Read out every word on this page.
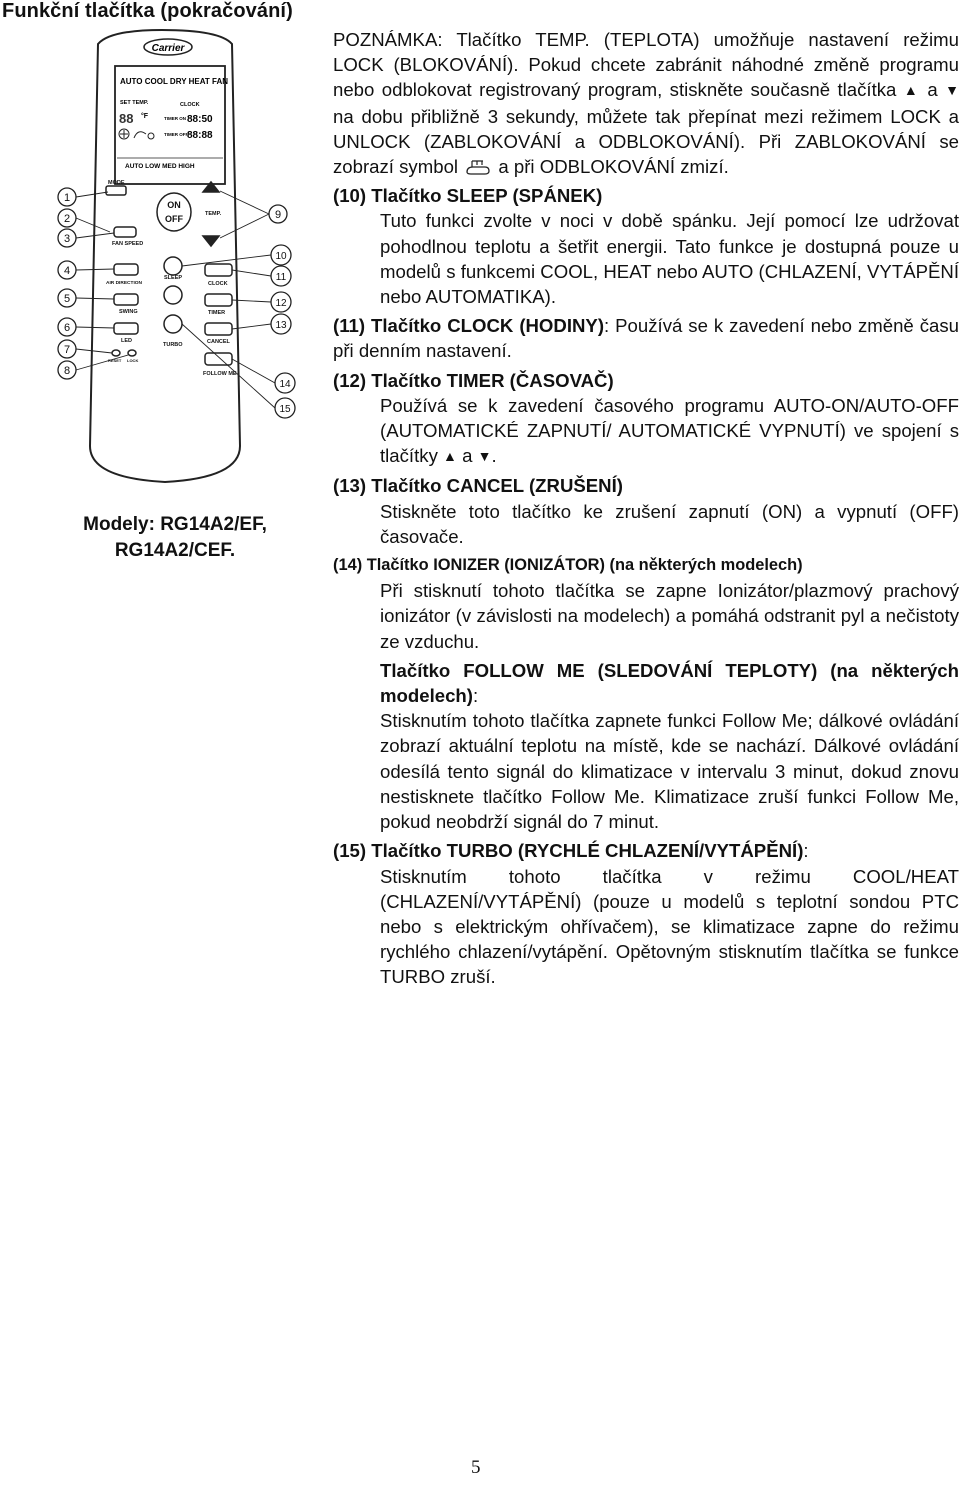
Funkční tlačítka (pokračování)
Carrier
AUTO COOL DRY HEAT FAN
SET TEMP.	CLOCK
88 °F	TIMER ON 88:50
TIMER OFF
88:88
AUTO LOW MED HIGH
MODE
ON
OFF	TEMP.
FAN SPEED
AIR DIRECTION
SLEEP
CLOCK
SWING	TIMER
LED	CANCEL
TURBO
RESET LOCK
FOLLOW ME
1
2
3
4
5
6
7
8
9
10
11
12
13
14
15
Modely: RG14A2/EF,
RG14A2/CEF.

POZNÁMKA: Tlačítko TEMP. (TEPLOTA) umožňuje nastavení režimu LOCK (BLOKOVÁNÍ). Pokud chcete zabránit náhodné změně programu nebo odblokovat registrovaný program, stiskněte současně tlačítka ▲ a ▼ na dobu přibližně 3 sekundy, můžete tak přepínat mezi režimem LOCK a UNLOCK (ZABLOKOVÁNÍ a ODBLOKOVÁNÍ). Při ZABLOKOVÁNÍ se zobrazí symbol a při ODBLOKOVÁNÍ zmizí.

(10) Tlačítko SLEEP (SPÁNEK)

Tuto funkci zvolte v noci v době spánku. Její pomocí lze udržovat pohodlnou teplotu a šetřit energii. Tato funkce je dostupná pouze u modelů s funkcemi COOL, HEAT nebo AUTO (CHLAZENÍ, VYTÁPĚNÍ nebo AUTOMATIKA).

(11) Tlačítko CLOCK (HODINY): Používá se k zavedení nebo změně času při denním nastavení.

(12) Tlačítko TIMER (ČASOVAČ)

Používá se k zavedení časového programu AUTO-ON/AUTO-OFF (AUTOMATICKÉ ZAPNUTÍ/ AUTOMATICKÉ VYPNUTÍ) ve spojení s tlačítky ▲ a ▼.

(13) Tlačítko CANCEL (ZRUŠENÍ)

Stiskněte toto tlačítko ke zrušení zapnutí (ON) a vypnutí (OFF) časovače.

(14) Tlačítko IONIZER (IONIZÁTOR) (na některých modelech)

Při stisknutí tohoto tlačítka se zapne Ionizátor/plazmový prachový ionizátor (v závislosti na modelech) a pomáhá odstranit pyl a nečistoty ze vzduchu.

Tlačítko FOLLOW ME (SLEDOVÁNÍ TEPLOTY) (na některých modelech):

Stisknutím tohoto tlačítka zapnete funkci Follow Me; dálkové ovládání zobrazí aktuální teplotu na místě, kde se nachází. Dálkové ovládání odesílá tento signál do klimatizace v intervalu 3 minut, dokud znovu nestisknete tlačítko Follow Me. Klimatizace zruší funkci Follow Me, pokud neobdrží signál do 7 minut.

(15) Tlačítko TURBO (RYCHLÉ CHLAZENÍ/VYTÁPĚNÍ):

Stisknutím tohoto tlačítka v režimu COOL/HEAT (CHLAZENÍ/VYTÁPĚNÍ) (pouze u modelů s teplotní sondou PTC nebo s elektrickým ohřívačem), se klimatizace zapne do režimu rychlého chlazení/vytápění. Opětovným stisknutím tlačítka se funkce TURBO zruší.

5
